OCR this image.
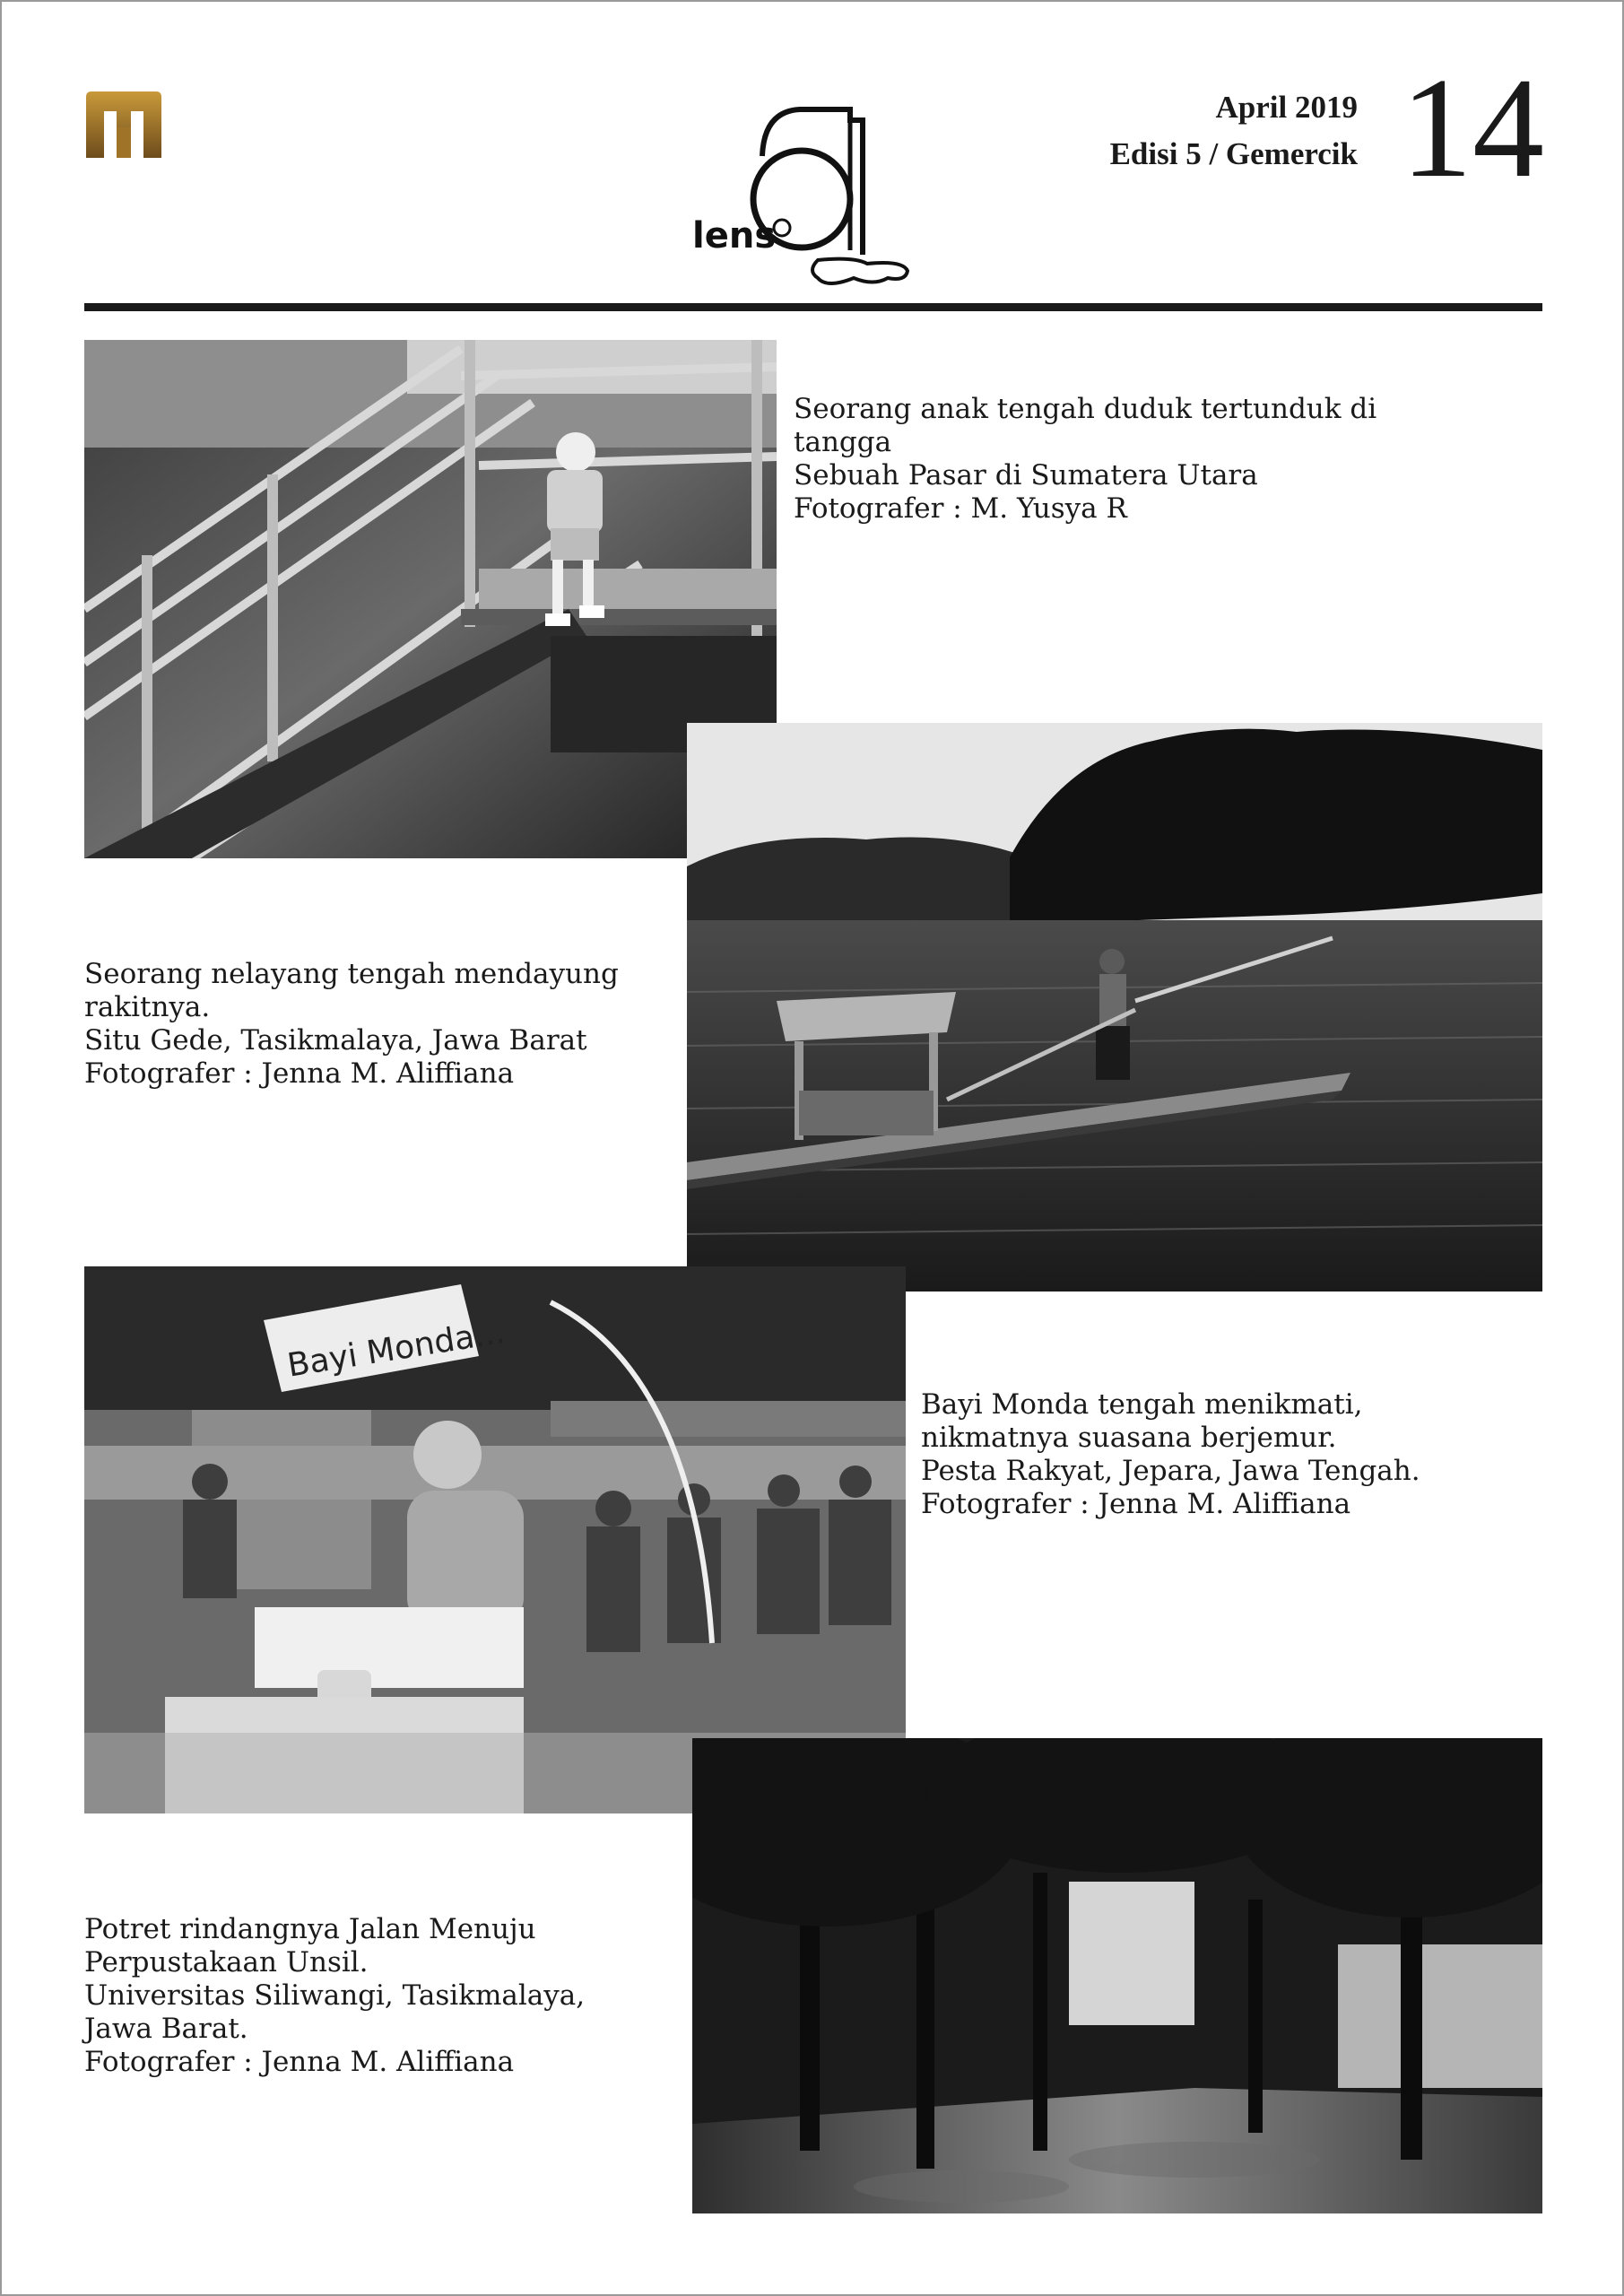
lens
April 2019
Edisi 5 / Gemercik 14
Seorang anak tengah duduk tertunduk di
tangga
Sebuah Pasar di Sumatera Utara
Fotografer : M. Yusya R
Seorang nelayang tengah mendayung
rakitnya.
Situ Gede, Tasikmalaya, Jawa Barat
Fotografer : Jenna M. Aliffiana
Bayi Monda...
Bayi Monda tengah menikmati,
nikmatnya suasana berjemur.
Pesta Rakyat, Jepara, Jawa Tengah.
Fotografer : Jenna M. Aliffiana
Potret rindangnya Jalan Menuju
Perpustakaan Unsil.
Universitas Siliwangi, Tasikmalaya,
Jawa Barat.
Fotografer : Jenna M. Aliffiana
